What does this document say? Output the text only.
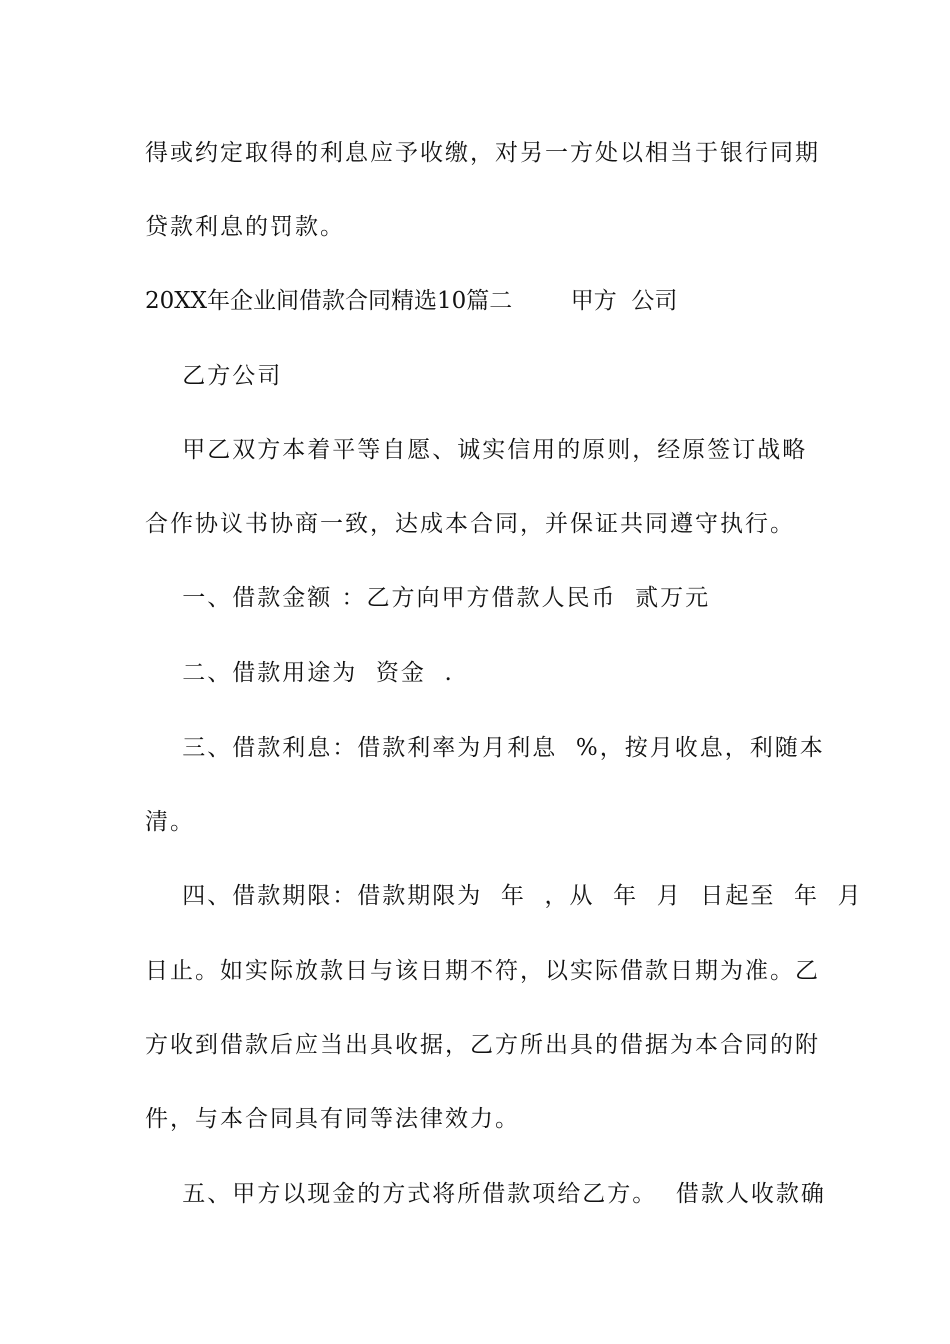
得或约定取得的利息应予收缴，对另一方处以相当于银行同期
贷款利息的罚款。
20XX年企业间借款合同精选10篇二        甲方  公司
乙方公司
甲乙双方本着平等自愿、诚实信用的原则，经原签订战略
合作协议书协商一致，达成本合同，并保证共同遵守执行。
一、借款金额 ：乙方向甲方借款人民币  贰万元
二、借款用途为  资金  .
三、借款利息：借款利率为月利息  %，按月收息，利随本
清。
四、借款期限：借款期限为  年  ，从  年  月  日起至  年  月
日止。如实际放款日与该日期不符，以实际借款日期为准。乙
方收到借款后应当出具收据，乙方所出具的借据为本合同的附
件，与本合同具有同等法律效力。
五、甲方以现金的方式将所借款项给乙方。  借款人收款确
